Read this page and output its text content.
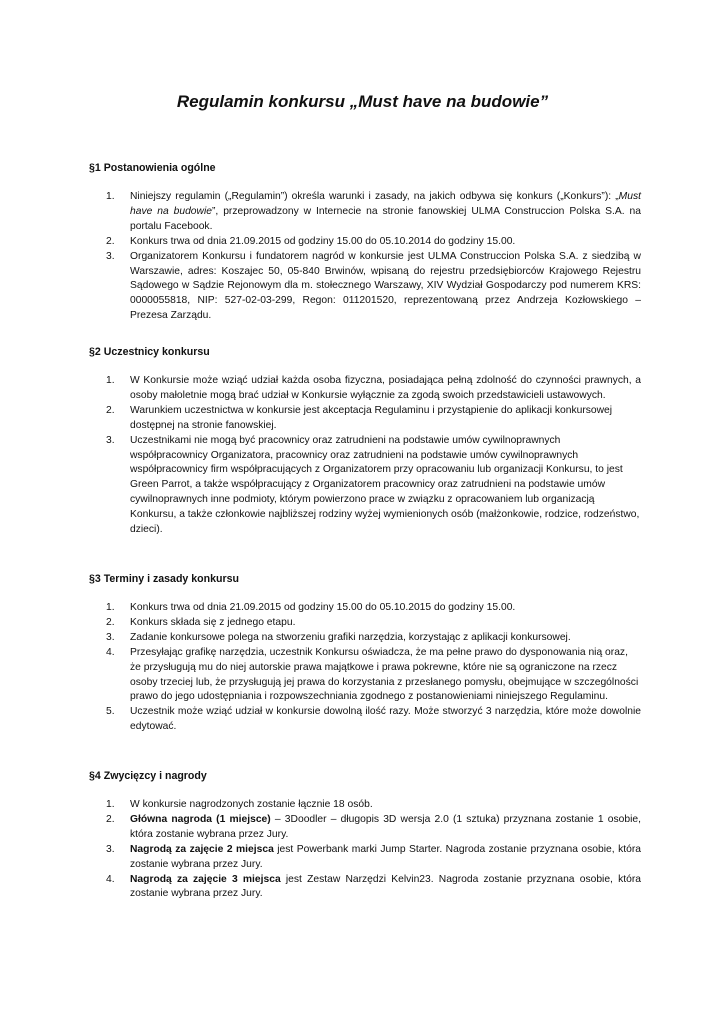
Regulamin konkursu „Must have na budowie”
§1 Postanowienia ogólne
1.	Niniejszy regulamin („Regulamin”) określa warunki i zasady, na jakich odbywa się konkurs („Konkurs”): „Must have na budowie”, przeprowadzony w Internecie na stronie fanowskiej ULMA Construccion Polska S.A. na portalu Facebook.
2.	Konkurs trwa od dnia 21.09.2015 od godziny 15.00 do 05.10.2014 do godziny 15.00.
3.	Organizatorem Konkursu i fundatorem nagród w konkursie jest ULMA Construccion Polska S.A. z siedzibą w Warszawie, adres: Koszajec 50, 05-840 Brwinów, wpisaną do rejestru przedsiębiorców Krajowego Rejestru Sądowego w Sądzie Rejonowym dla m. stołecznego Warszawy, XIV Wydział Gospodarczy pod numerem KRS: 0000055818, NIP: 527-02-03-299, Regon: 011201520, reprezentowaną przez Andrzeja Kozłowskiego – Prezesa Zarządu.
§2 Uczestnicy konkursu
1.	W Konkursie może wziąć udział każda osoba fizyczna, posiadająca pełną zdolność do czynności prawnych, a osoby małoletnie mogą brać udział w Konkursie wyłącznie za zgodą swoich przedstawicieli ustawowych.
2.	Warunkiem uczestnictwa w konkursie jest akceptacja Regulaminu i przystąpienie do aplikacji konkursowej dostępnej na stronie fanowskiej.
3.	Uczestnikami nie mogą być pracownicy oraz zatrudnieni na podstawie umów cywilnoprawnych współpracownicy Organizatora, pracownicy oraz zatrudnieni na podstawie umów cywilnoprawnych współpracownicy firm współpracujących z Organizatorem przy opracowaniu lub organizacji Konkursu, to jest Green Parrot, a także współpracujący z Organizatorem pracownicy oraz zatrudnieni na podstawie umów cywilnoprawnych inne podmioty, którym powierzono prace w związku z opracowaniem lub organizacją Konkursu, a także członkowie najbliższej rodziny wyżej wymienionych osób (małżonkowie, rodzice, rodzeństwo, dzieci).
§3 Terminy i zasady konkursu
1.	Konkurs trwa od dnia 21.09.2015 od godziny 15.00 do 05.10.2015 do godziny 15.00.
2.	Konkurs składa się z jednego etapu.
3.	Zadanie konkursowe polega na stworzeniu grafiki narzędzia, korzystając z aplikacji konkursowej.
4.	Przesyłając grafikę narzędzia, uczestnik Konkursu oświadcza, że ma pełne prawo do dysponowania nią oraz, że przysługują mu do niej autorskie prawa majątkowe i prawa pokrewne, które nie są ograniczone na rzecz osoby trzeciej lub, że przysługują jej prawa do korzystania z przesłanego pomysłu, obejmujące w szczególności prawo do jego udostępniania i rozpowszechniania zgodnego z postanowieniami niniejszego Regulaminu.
5.	Uczestnik może wziąć udział w konkursie dowolną ilość razy. Może stworzyć 3 narzędzia, które może dowolnie edytować.
§4 Zwycięzcy i nagrody
1.	W konkursie nagrodzonych zostanie łącznie 18 osób.
2.	Główna nagroda (1 miejsce) – 3Doodler – długopis 3D wersja 2.0 (1 sztuka) przyznana zostanie 1 osobie, która zostanie wybrana przez Jury.
3.	Nagrodą za zajęcie 2 miejsca jest Powerbank marki Jump Starter. Nagroda zostanie przyznana osobie, która zostanie wybrana przez Jury.
4.	Nagrodą za zajęcie 3 miejsca jest Zestaw Narzędzi Kelvin23. Nagroda zostanie przyznana osobie, która zostanie wybrana przez Jury.
